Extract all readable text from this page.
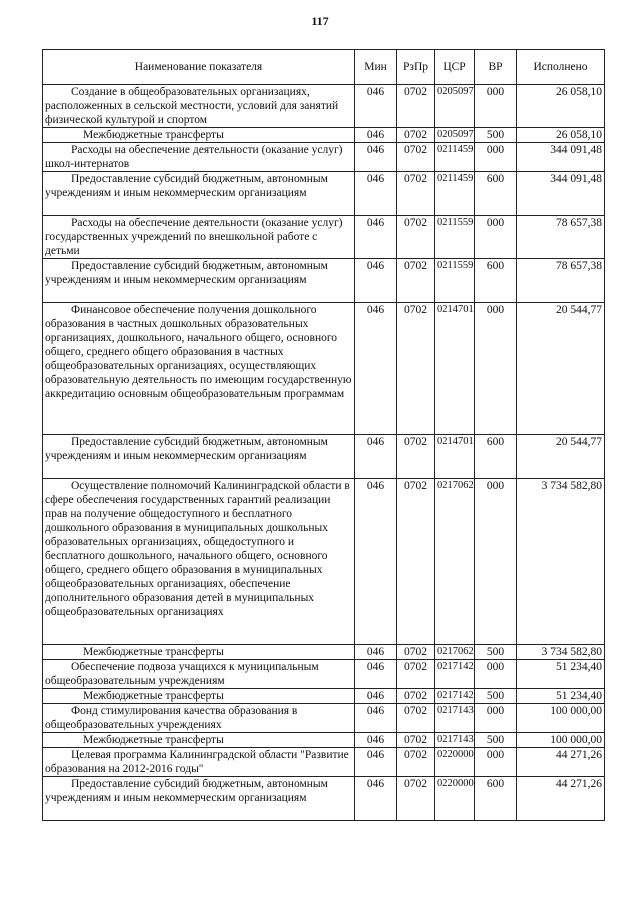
117
Наименование показателя	Мин	РзПр	ЦСР	ВР	Исполнено
Создание в общеобразовательных организациях, расположенных в сельской местности, условий для занятий физической культурой и спортом	046	0702	0205097	000	26 058,10
Межбюджетные трансферты	046	0702	0205097	500	26 058,10
Расходы на обеспечение деятельности (оказание услуг) школ-интернатов	046	0702	0211459	000	344 091,48
Предоставление субсидий бюджетным, автономным учреждениям и иным некоммерческим организациям	046	0702	0211459	600	344 091,48
Расходы на обеспечение деятельности (оказание услуг) государственных учреждений по внешкольной работе с детьми	046	0702	0211559	000	78 657,38
Предоставление субсидий бюджетным, автономным учреждениям и иным некоммерческим организациям	046	0702	0211559	600	78 657,38
Финансовое обеспечение получения дошкольного образования в частных дошкольных образовательных организациях, дошкольного, начального общего, основного общего, среднего общего образования в частных общеобразовательных организациях, осуществляющих образовательную деятельность по имеющим государственную аккредитацию основным общеобразовательным программам	046	0702	0214701	000	20 544,77
Предоставление субсидий бюджетным, автономным учреждениям и иным некоммерческим организациям	046	0702	0214701	600	20 544,77
Осуществление полномочий Калининградской области в сфере обеспечения государственных гарантий реализации прав на получение общедоступного и бесплатного дошкольного образования в муниципальных дошкольных образовательных организациях, общедоступного и бесплатного дошкольного, начального общего, основного общего, среднего общего образования в муниципальных общеобразовательных организациях, обеспечение дополнительного образования детей в муниципальных общеобразовательных организациях	046	0702	0217062	000	3 734 582,80
Межбюджетные трансферты	046	0702	0217062	500	3 734 582,80
Обеспечение подвоза учащихся к муниципальным общеобразовательным учреждениям	046	0702	0217142	000	51 234,40
Межбюджетные трансферты	046	0702	0217142	500	51 234,40
Фонд стимулирования качества образования в общеобразовательных учреждениях	046	0702	0217143	000	100 000,00
Межбюджетные трансферты	046	0702	0217143	500	100 000,00
Целевая программа Калининградской области "Развитие образования на 2012-2016 годы"	046	0702	0220000	000	44 271,26
Предоставление субсидий бюджетным, автономным учреждениям и иным некоммерческим организациям	046	0702	0220000	600	44 271,26
